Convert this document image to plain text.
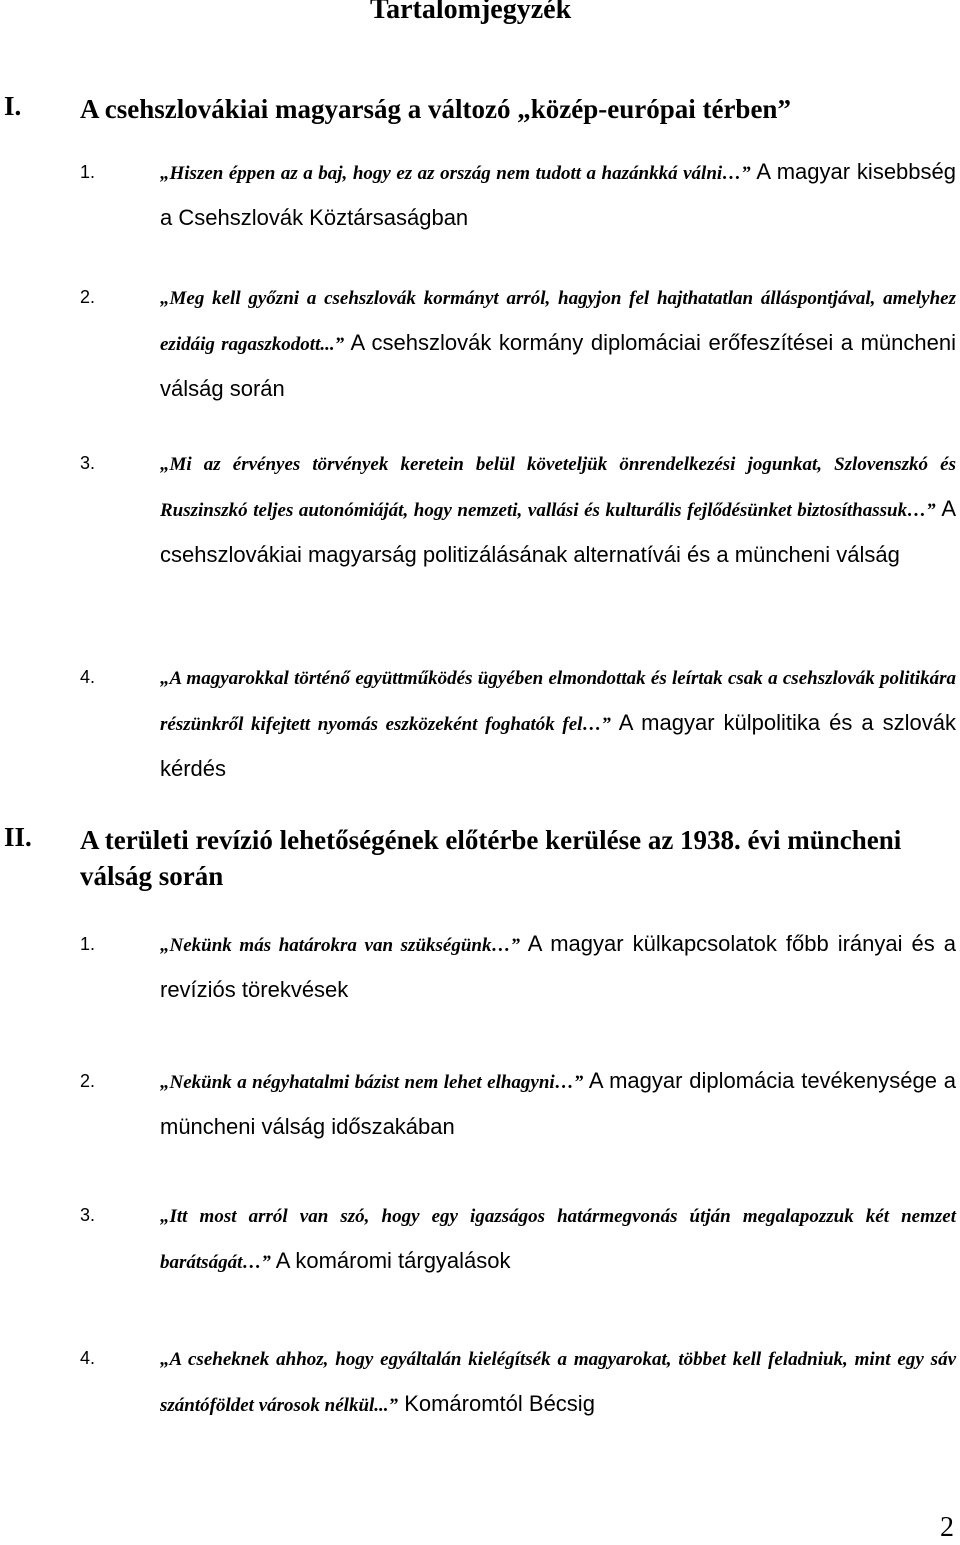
Tartalomjegyzék
I. A csehszlovákiai magyarság a változó „közép-európai térben”
1.	„Hiszen éppen az a baj, hogy ez az ország nem tudott a hazánkká válni…” A magyar kisebbség a Csehszlovák Köztársaságban
2.	„Meg kell győzni a csehszlovák kormányt arról, hagyjon fel hajthatatlan álláspontjával, amelyhez ezidáig ragaszkodott...” A csehszlovák kormány diplomáciai erőfeszítései a müncheni válság során
3.	„Mi az érvényes törvények keretein belül követeljük önrendelkezési jogunkat, Szlovenszkó és Ruszinszkó teljes autonómiáját, hogy nemzeti, vallási és kulturális fejlődésünket biztosíthassuk…” A csehszlovákiai magyarság politizálásának alternatívái és a müncheni válság
4.	„A magyarokkal történő együttműködés ügyében elmondottak és leírtak csak a csehszlovák politikára részünkről kifejtett nyomás eszközeként foghatók fel…” A magyar külpolitika és a szlovák kérdés
II. A területi revízió lehetőségének előtérbe kerülése az 1938. évi müncheni válság során
1.	„Nekünk más határokra van szükségünk…” A magyar külkapcsolatok főbb irányai és a revíziós törekvések
2.	„Nekünk a négyhatalmi bázist nem lehet elhagyni…” A magyar diplomácia tevékenysége a müncheni válság időszakában
3.	„Itt most arról van szó, hogy egy igazságos határmegvonás útján megalapozzuk két nemzet barátságát…” A komáromi tárgyalások
4.	„A cseheknek ahhoz, hogy egyáltalán kielégítsék a magyarokat, többet kell feladniuk, mint egy sáv szántóföldet városok nélkül...” Komáromtól Bécsig
2
